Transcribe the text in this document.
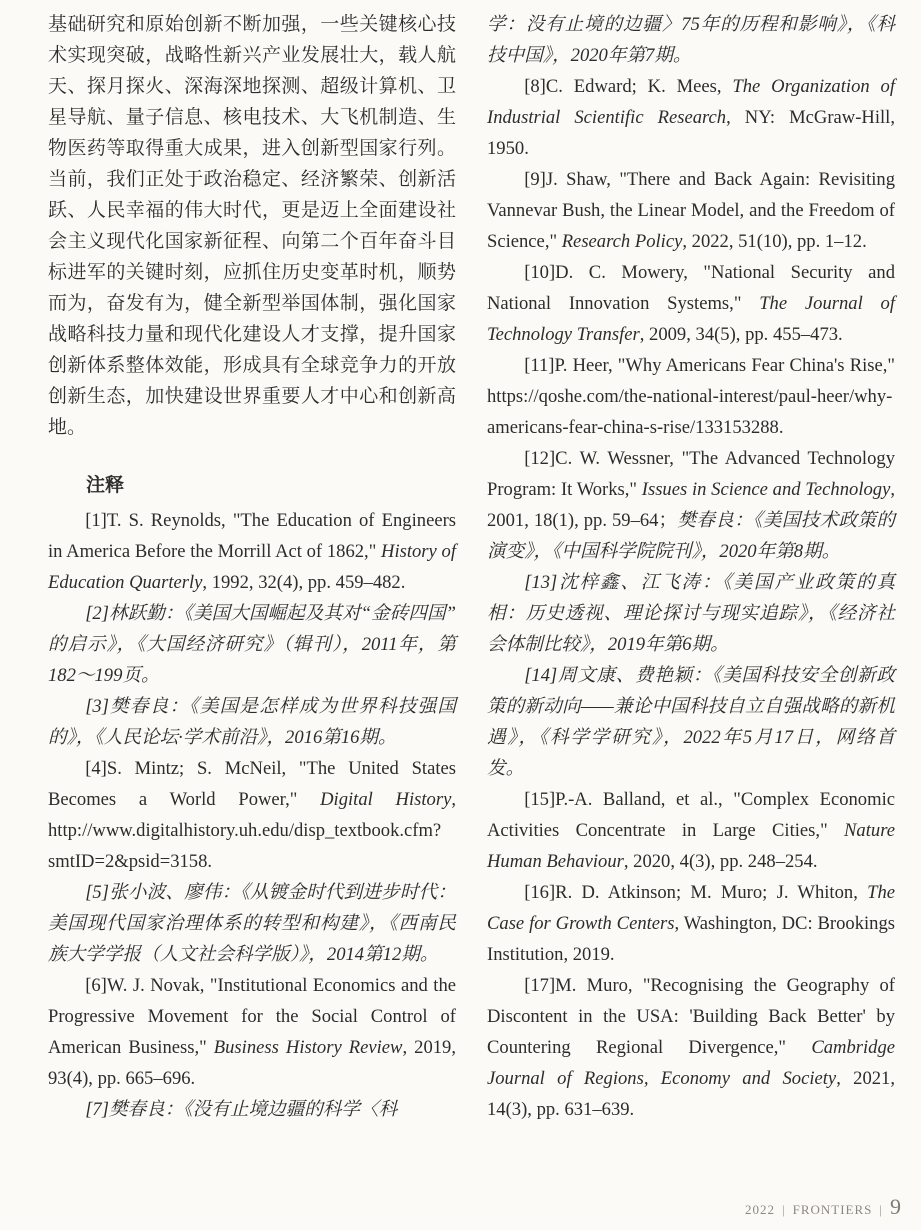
基础研究和原始创新不断加强，一些关键核心技术实现突破，战略性新兴产业发展壮大，载人航天、探月探火、深海深地探测、超级计算机、卫星导航、量子信息、核电技术、大飞机制造、生物医药等取得重大成果，进入创新型国家行列。当前，我们正处于政治稳定、经济繁荣、创新活跃、人民幸福的伟大时代，更是迈上全面建设社会主义现代化国家新征程、向第二个百年奋斗目标进军的关键时刻，应抓住历史变革时机，顺势而为，奋发有为，健全新型举国体制，强化国家战略科技力量和现代化建设人才支撑，提升国家创新体系整体效能，形成具有全球竞争力的开放创新生态，加快建设世界重要人才中心和创新高地。

注释

[1]T. S. Reynolds, "The Education of Engineers in America Before the Morrill Act of 1862," History of Education Quarterly, 1992, 32(4), pp. 459–482.

[2]林跃勤：《美国大国崛起及其对“金砖四国”的启示》，《大国经济研究》（辑刊），2011年，第182～199页。

[3]樊春良：《美国是怎样成为世界科技强国的》，《人民论坛·学术前沿》，2016第16期。

[4]S. Mintz; S. McNeil, "The United States Becomes a World Power," Digital History, http://www.digitalhistory.uh.edu/disp_textbook.cfm?smtID=2&psid=3158.

[5]张小波、廖伟：《从镀金时代到进步时代：美国现代国家治理体系的转型和构建》，《西南民族大学学报（人文社会科学版）》，2014第12期。

[6]W. J. Novak, "Institutional Economics and the Progressive Movement for the Social Control of American Business," Business History Review, 2019, 93(4), pp. 665–696.

[7]樊春良：《没有止境边疆的科学〈科

学：没有止境的边疆〉75年的历程和影响》，《科技中国》，2020年第7期。

[8]C. Edward; K. Mees, The Organization of Industrial Scientific Research, NY: McGraw-Hill, 1950.

[9]J. Shaw, "There and Back Again: Revisiting Vannevar Bush, the Linear Model, and the Freedom of Science," Research Policy, 2022, 51(10), pp. 1–12.

[10]D. C. Mowery, "National Security and National Innovation Systems," The Journal of Technology Transfer, 2009, 34(5), pp. 455–473.

[11]P. Heer, "Why Americans Fear China's Rise," https://qoshe.com/the-national-interest/paul-heer/why-americans-fear-china-s-rise/133153288.

[12]C. W. Wessner, "The Advanced Technology Program: It Works," Issues in Science and Technology, 2001, 18(1), pp. 59–64；樊春良：《美国技术政策的演变》，《中国科学院院刊》，2020年第8期。

[13]沈梓鑫、江飞涛：《美国产业政策的真相：历史透视、理论探讨与现实追踪》，《经济社会体制比较》，2019年第6期。

[14]周文康、费艳颖：《美国科技安全创新政策的新动向——兼论中国科技自立自强战略的新机遇》，《科学学研究》，2022年5月17日，网络首发。

[15]P.-A. Balland, et al., "Complex Economic Activities Concentrate in Large Cities," Nature Human Behaviour, 2020, 4(3), pp. 248–254.

[16]R. D. Atkinson; M. Muro; J. Whiton, The Case for Growth Centers, Washington, DC: Brookings Institution, 2019.

[17]M. Muro, "Recognising the Geography of Discontent in the USA: 'Building Back Better' by Countering Regional Divergence," Cambridge Journal of Regions, Economy and Society, 2021, 14(3), pp. 631–639.

2022 | FRONTIERS | 9
